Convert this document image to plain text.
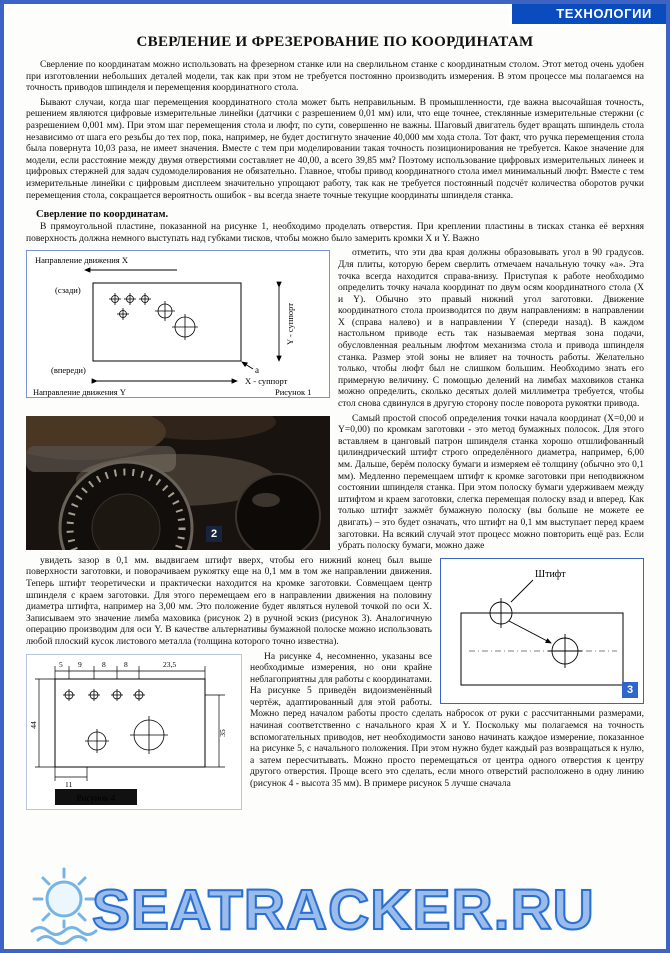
ТЕХНОЛОГИИ
СВЕРЛЕНИЕ И ФРЕЗЕРОВАНИЕ ПО КООРДИНАТАМ

Сверление по координатам можно использовать на фрезерном станке или на сверлильном станке с координатным столом. Этот метод очень удобен при изготовлении небольших деталей модели, так как при этом не требуется постоянно производить измерения. В этом процессе мы полагаемся на точность приводов шпинделя и перемещения координатного стола.

Бывают случаи, когда шаг перемещения координатного стола может быть неправильным. В промышленности, где важна высочайшая точность, решением являются цифровые измерительные линейки (датчики с разрешением 0,01 мм) или, что еще точнее, стеклянные измерительные стержни (с разрешением 0,001 мм). При этом шаг перемещения стола и люфт, по сути, совершенно не важны. Шаговый двигатель будет вращать шпиндель стола независимо от шага его резьбы до тех пор, пока, например, не будет достигнуто значение 40,000 мм хода стола. Тот факт, что ручка перемещения стола была повернута 10,03 раза, не имеет значения. Вместе с тем при моделировании такая точность позиционирования не требуется. Какое значение для модели, если расстояние между двумя отверстиями составляет не 40,00, а всего 39,85 мм? Поэтому использование цифровых измерительных линеек и цифровых стержней для задач судомоделирования не обязательно. Главное, чтобы привод координатного стола имел минимальный люфт. Вместе с тем измерительные линейки с цифровым дисплеем значительно упрощают работу, так как не требуется постоянный подсчёт количества оборотов ручки перемещения стола, сокращается вероятность ошибок - вы всегда знаете точные текущие координаты шпинделя станка.

Сверление по координатам.

В прямоугольной пластине, показанной на рисунке 1, необходимо проделать отверстия. При креплении пластины в тисках станка её верхняя поверхность должна немного выступать над губками тисков, чтобы можно было замерить кромки X и Y. Важно

Направление движения X
(сзади)
а
(впереди)
X - суппорт
Y - суппорт
Направление движения Y	Рисунок 1

отметить, что эти два края должны образовывать угол в 90 градусов. Для плиты, которую берем сверлить отмечаем начальную точку «а». Эта точка всегда находится справа-внизу. Приступая к работе необходимо определить точку начала координат по двум осям координатного стола (X и Y). Обычно это правый нижний угол заготовки. Движение координатного стола производится по двум направлениям: в направлении X (справа налево) и в направлении Y (спереди назад). В каждом настольном приводе есть так называемая мертвая зона подачи, обусловленная реальным люфтом механизма стола и привода шпинделя станка. Размер этой зоны не влияет на точность работы. Желательно только, чтобы люфт был не слишком большим. Необходимо знать его примерную величину. С помощью делений на лимбах маховиков станка можно определить, сколько десятых долей миллиметра требуется, чтобы стол снова сдвинулся в другую сторону после поворота рукоятки привода.

2

Самый простой способ определения точки начала координат (X=0,00 и Y=0,00) по кромкам заготовки - это метод бумажных полосок. Для этого вставляем в цанговый патрон шпинделя станка хорошо отшлифованный цилиндрический штифт строго определённого диаметра, например, 6,00 мм. Дальше, берём полоску бумаги и измеряем её толщину (обычно это 0,1 мм). Медленно перемещаем штифт к кромке заготовки при неподвижном состоянии шпинделя станка. При этом полоску бумаги удерживаем между штифтом и краем заготовки, слегка перемещая полоску взад и вперед. Как только штифт зажмёт бумажную полоску (вы больше не можете ее двигать) – это будет означать, что штифт на 0,1 мм выступает перед краем заготовки. На всякий случай этот процесс можно повторить ещё раз. Если убрать полоску бумаги, можно даже

Штифт
3

увидеть зазор в 0,1 мм. выдвигаем штифт вверх, чтобы его нижний конец был выше поверхности заготовки, и поворачиваем рукоятку еще на 0,1 мм в том же направлении движения. Теперь штифт теоретически и практически находится на кромке заготовки. Совмещаем центр шпинделя с краем заготовки. Для этого перемещаем его в направлении движения на половину диаметра штифта, например на 3,00 мм. Это положение будет являться нулевой точкой по оси X. Записываем это значение лимба маховика (рисунок 2) в ручной эскиз (рисунок 3). Аналогичную операцию производим для оси Y. В качестве альтернативы бумажной полоске можно использовать любой плоский кусок листового металла (толщина которого точно известна).

5 9	8 8	23,5
44
35
11
Рисунок 4

На рисунке 4, несомненно, указаны все необходимые измерения, но они крайне неблагоприятны для работы с координатами. На рисунке 5 приведён видоизменённый чертёж, адаптированный для этой работы. Можно перед началом работы просто сделать набросок от руки с рассчитанными размерами, начиная соответственно с начального края X и Y. Поскольку мы полагаемся на точность вспомогательных приводов, нет необходимости заново начинать каждое измерение, показанное на рисунке 5, с начального положения. При этом нужно будет каждый раз возвращаться к нулю, а затем пересчитывать. Можно просто перемещаться от центра одного отверстия к центру другого отверстия. Проще всего это сделать, если много отверстий расположено в одну линию (рисунок 4 - высота 35 мм). В примере рисунок 5 лучше сначала

SEATRACKER.RU
